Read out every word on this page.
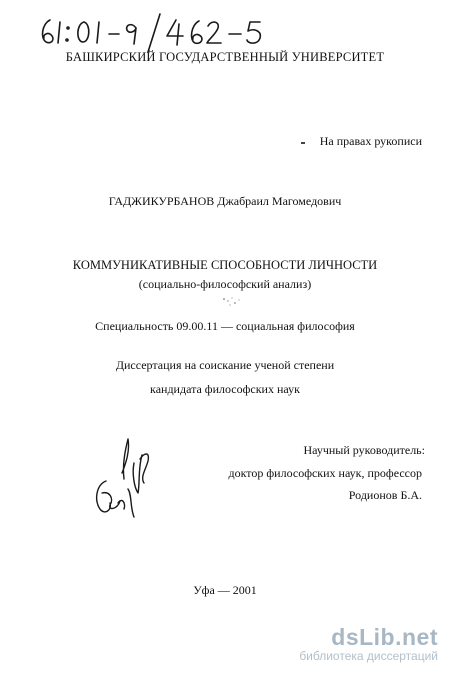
БАШКИРСКИЙ ГОСУДАРСТВЕННЫЙ УНИВЕРСИТЕТ
На правах рукописи
ГАДЖИКУРБАНОВ Джабраил Магомедович
КОММУНИКАТИВНЫЕ СПОСОБНОСТИ ЛИЧНОСТИ
(социально-философский анализ)
Специальность 09.00.11 — социальная философия
Диссертация на соискание ученой степени
кандидата философских наук
Научный руководитель:
доктор философских наук, профессор
Родионов Б.А.
Уфа — 2001
dsLib.net
библиотека диссертаций
